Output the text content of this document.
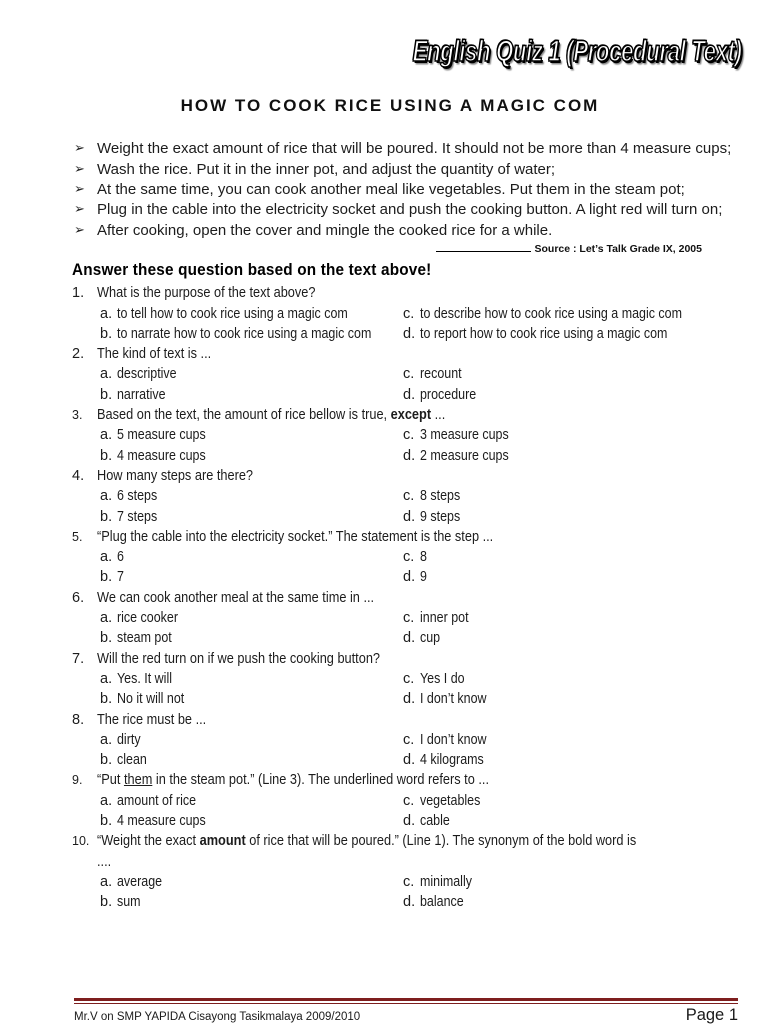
English Quiz 1 (Procedural Text)
HOW TO COOK RICE USING A MAGIC COM
➢ Weight the exact amount of rice that will be poured. It should not be more than 4 measure cups;
➢ Wash the rice. Put it in the inner pot, and adjust the quantity of water;
➢ At the same time, you can cook another meal like vegetables. Put them in the steam pot;
➢ Plug in the cable into the electricity socket and push the cooking button. A light red will turn on;
➢ After cooking, open the cover and mingle the cooked rice for a while.
Source : Let’s Talk Grade IX, 2005
Answer these question based on the text above!
1. What is the purpose of the text above?
a. to tell how to cook rice using a magic com	c. to describe how to cook rice using a magic com
b. to narrate how to cook rice using a magic com d. to report how to cook rice using a magic com
2. The kind of text is ...
a. descriptive	c. recount
b. narrative	d. procedure
3.	Based on the text, the amount of rice bellow is true, except ...
a. 5 measure cups	c. 3 measure cups
b. 4 measure cups	d. 2 measure cups
4. How many steps are there?
a. 6 steps	c. 8 steps
b. 7 steps	d. 9 steps
5.	“Plug the cable into the electricity socket.” The statement is the step ...
a. 6	c. 8
b. 7	d. 9
6. We can cook another meal at the same time in ...
a. rice cooker	c. inner pot
b. steam pot	d. cup
7. Will the red turn on if we push the cooking button?
a. Yes. It will	c. Yes I do
b. No it will not	d. I don’t know
8. The rice must be ...
a. dirty	c. I don’t know
b. clean	d. 4 kilograms
9.	“Put them in the steam pot.” (Line 3). The underlined word refers to ...
a. amount of rice	c. vegetables
b. 4 measure cups	d. cable
10. “Weight the exact amount of rice that will be poured.” (Line 1). The synonym of the bold word is ....
a. average	c. minimally
b. sum	d. balance
Mr.V on SMP YAPIDA Cisayong Tasikmalaya 2009/2010	Page 1
